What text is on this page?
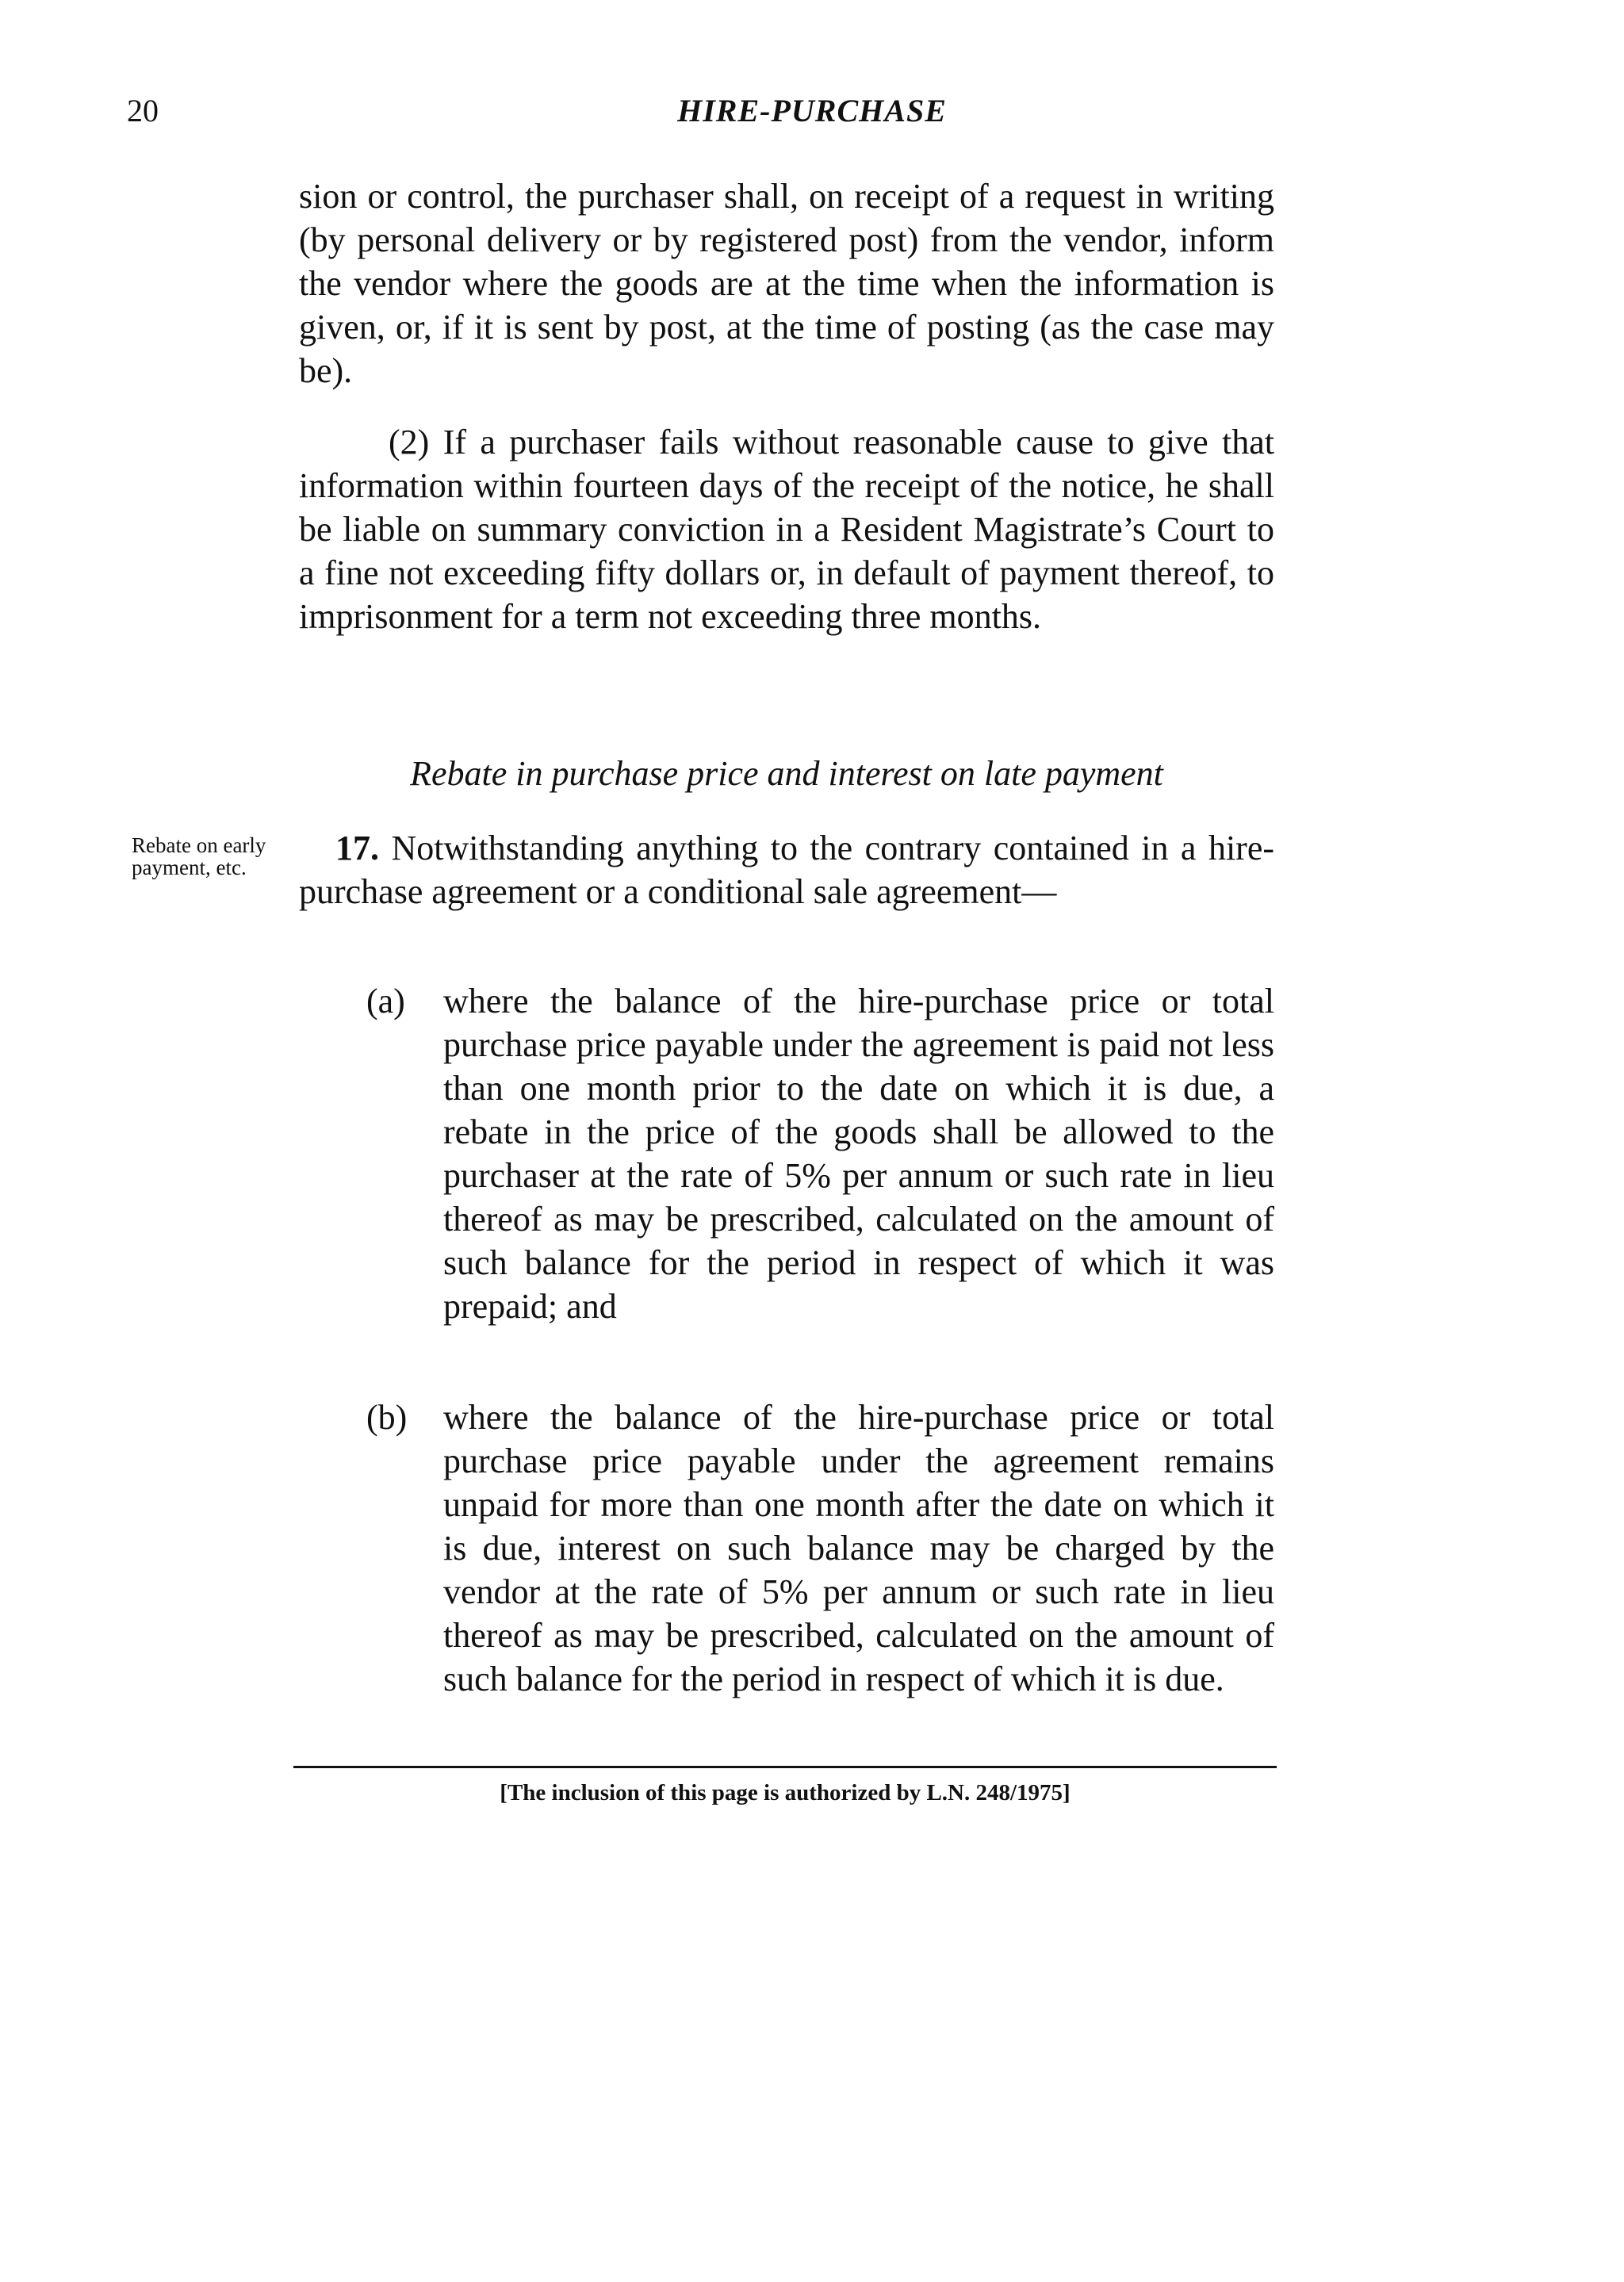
20	HIRE-PURCHASE

sion or control, the purchaser shall, on receipt of a request in writing (by personal delivery or by registered post) from the vendor, inform the vendor where the goods are at the time when the information is given, or, if it is sent by post, at the time of posting (as the case may be).

(2) If a purchaser fails without reasonable cause to give that information within fourteen days of the receipt of the notice, he shall be liable on summary conviction in a Resident Magistrate’s Court to a fine not exceeding fifty dollars or, in default of payment thereof, to imprisonment for a term not exceeding three months.

Rebate in purchase price and interest on late payment
Rebate on early payment, etc.	17. Notwithstanding anything to the contrary contained in a hire-purchase agreement or a conditional sale agreement—

(a)	where the balance of the hire-purchase price or total purchase price payable under the agreement is paid not less than one month prior to the date on which it is due, a rebate in the price of the goods shall be allowed to the purchaser at the rate of 5% per annum or such rate in lieu thereof as may be prescribed, calculated on the amount of such balance for the period in respect of which it was prepaid; and
(b)	where the balance of the hire-purchase price or total purchase price payable under the agreement remains unpaid for more than one month after the date on which it is due, interest on such balance may be charged by the vendor at the rate of 5% per annum or such rate in lieu thereof as may be prescribed, calculated on the amount of such balance for the period in respect of which it is due.
[The inclusion of this page is authorized by L.N. 248/1975]
